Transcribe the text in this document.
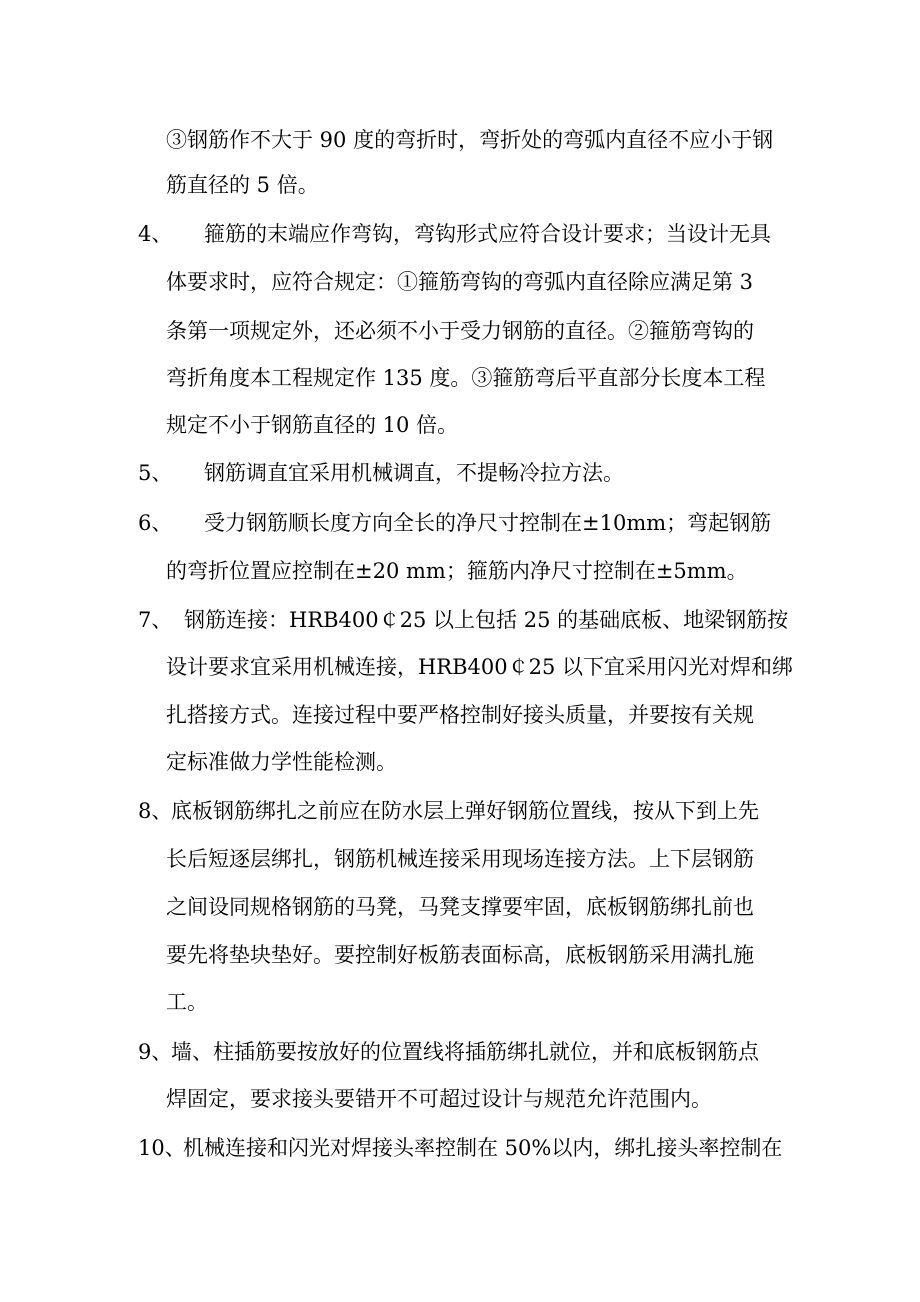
③钢筋作不大于 90 度的弯折时，弯折处的弯弧内直径不应小于钢
筋直径的 5 倍。
4、 箍筋的末端应作弯钩，弯钩形式应符合设计要求；当设计无具
体要求时，应符合规定：①箍筋弯钩的弯弧内直径除应满足第 3
条第一项规定外，还必须不小于受力钢筋的直径。②箍筋弯钩的
弯折角度本工程规定作 135 度。③箍筋弯后平直部分长度本工程
规定不小于钢筋直径的 10 倍。
5、 钢筋调直宜采用机械调直，不提畅冷拉方法。
6、 受力钢筋顺长度方向全长的净尺寸控制在±10mm；弯起钢筋
的弯折位置应控制在±20 mm；箍筋内净尺寸控制在±5mm。
7、 钢筋连接：HRB400￠25 以上包括 25 的基础底板、地梁钢筋按
设计要求宜采用机械连接，HRB400￠25 以下宜采用闪光对焊和绑
扎搭接方式。连接过程中要严格控制好接头质量，并要按有关规
定标准做力学性能检测。
8、
底板钢筋绑扎之前应在防水层上弹好钢筋位置线，按从下到上先
长后短逐层绑扎，钢筋机械连接采用现场连接方法。上下层钢筋
之间设同规格钢筋的马凳，马凳支撑要牢固，底板钢筋绑扎前也
要先将垫块垫好。要控制好板筋表面标高，底板钢筋采用满扎施
工。
9、
墙、柱插筋要按放好的位置线将插筋绑扎就位，并和底板钢筋点
焊固定，要求接头要错开不可超过设计与规范允许范围内。
10、
机械连接和闪光对焊接头率控制在 50%以内，绑扎接头率控制在
